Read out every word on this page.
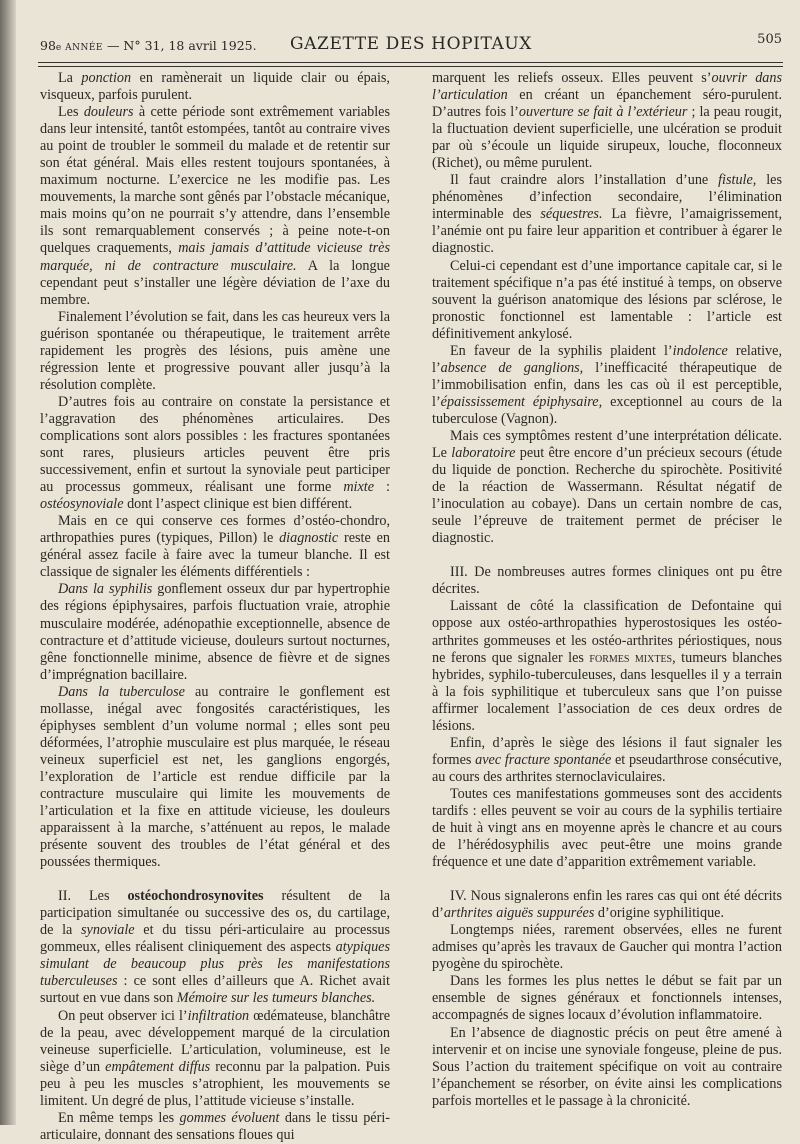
98e ANNÉE — N° 31, 18 avril 1925.	GAZETTE DES HOPITAUX	505

La ponction en ramènerait un liquide clair ou épais, visqueux, parfois purulent.

Les douleurs à cette période sont extrêmement variables dans leur intensité, tantôt estompées, tantôt au contraire vives au point de troubler le sommeil du malade et de retentir sur son état général. Mais elles restent toujours spontanées, à maximum nocturne. L’exercice ne les modifie pas. Les mouvements, la marche sont gênés par l’obstacle mécanique, mais moins qu’on ne pourrait s’y attendre, dans l’ensemble ils sont remarquablement conservés ; à peine note-t-on quelques craquements, mais jamais d’attitude vicieuse très marquée, ni de contracture musculaire. A la longue cependant peut s’installer une légère déviation de l’axe du membre.

Finalement l’évolution se fait, dans les cas heureux vers la guérison spontanée ou thérapeutique, le traitement arrête rapidement les progrès des lésions, puis amène une régression lente et progressive pouvant aller jusqu’à la résolution complète.

D’autres fois au contraire on constate la persistance et l’aggravation des phénomènes articulaires. Des complications sont alors possibles : les fractures spontanées sont rares, plusieurs articles peuvent être pris successivement, enfin et surtout la synoviale peut participer au processus gommeux, réalisant une forme mixte : ostéosynoviale dont l’aspect clinique est bien différent.

Mais en ce qui conserve ces formes d’ostéo-chondro, arthropathies pures (typiques, Pillon) le diagnostic reste en général assez facile à faire avec la tumeur blanche. Il est classique de signaler les éléments différentiels :

Dans la syphilis gonflement osseux dur par hypertrophie des régions épiphysaires, parfois fluctuation vraie, atrophie musculaire modérée, adénopathie exceptionnelle, absence de contracture et d’attitude vicieuse, douleurs surtout nocturnes, gêne fonctionnelle minime, absence de fièvre et de signes d’imprégnation bacillaire.

Dans la tuberculose au contraire le gonflement est mollasse, inégal avec fongosités caractéristiques, les épiphyses semblent d’un volume normal ; elles sont peu déformées, l’atrophie musculaire est plus marquée, le réseau veineux superficiel est net, les ganglions engorgés, l’exploration de l’article est rendue difficile par la contracture musculaire qui limite les mouvements de l’articulation et la fixe en attitude vicieuse, les douleurs apparaissent à la marche, s’atténuent au repos, le malade présente souvent des troubles de l’état général et des poussées thermiques.

II. Les ostéochondrosynovites résultent de la participation simultanée ou successive des os, du cartilage, de la synoviale et du tissu péri-articulaire au processus gommeux, elles réalisent cliniquement des aspects atypiques simulant de beaucoup plus près les manifestations tuberculeuses : ce sont elles d’ailleurs que A. Richet avait surtout en vue dans son Mémoire sur les tumeurs blanches.

On peut observer ici l’infiltration œdémateuse, blanchâtre de la peau, avec développement marqué de la circulation veineuse superficielle. L’articulation, volumineuse, est le siège d’un empâtement diffus reconnu par la palpation. Puis peu à peu les muscles s’atrophient, les mouvements se limitent. Un degré de plus, l’attitude vicieuse s’installe.

En même temps les gommes évoluent dans le tissu péri-articulaire, donnant des sensations floues qui

marquent les reliefs osseux. Elles peuvent s’ouvrir dans l’articulation en créant un épanchement séro-purulent. D’autres fois l’ouverture se fait à l’extérieur ; la peau rougit, la fluctuation devient superficielle, une ulcération se produit par où s’écoule un liquide sirupeux, louche, floconneux (Richet), ou même purulent.

Il faut craindre alors l’installation d’une fistule, les phénomènes d’infection secondaire, l’élimination interminable des séquestres. La fièvre, l’amaigrissement, l’anémie ont pu faire leur apparition et contribuer à égarer le diagnostic.

Celui-ci cependant est d’une importance capitale car, si le traitement spécifique n’a pas été institué à temps, on observe souvent la guérison anatomique des lésions par sclérose, le pronostic fonctionnel est lamentable : l’article est définitivement ankylosé.

En faveur de la syphilis plaident l’indolence relative, l’absence de ganglions, l’inefficacité thérapeutique de l’immobilisation enfin, dans les cas où il est perceptible, l’épaississement épiphysaire, exceptionnel au cours de la tuberculose (Vagnon).

Mais ces symptômes restent d’une interprétation délicate. Le laboratoire peut être encore d’un précieux secours (étude du liquide de ponction. Recherche du spirochète. Positivité de la réaction de Wassermann. Résultat négatif de l’inoculation au cobaye). Dans un certain nombre de cas, seule l’épreuve de traitement permet de préciser le diagnostic.

III. De nombreuses autres formes cliniques ont pu être décrites.

Laissant de côté la classification de Defontaine qui oppose aux ostéo-arthropathies hyperostosiques les ostéo-arthrites gommeuses et les ostéo-arthrites périostiques, nous ne ferons que signaler les formes mixtes, tumeurs blanches hybrides, syphilo-tuberculeuses, dans lesquelles il y a terrain à la fois syphilitique et tuberculeux sans que l’on puisse affirmer localement l’association de ces deux ordres de lésions.

Enfin, d’après le siège des lésions il faut signaler les formes avec fracture spontanée et pseudarthrose consécutive, au cours des arthrites sternoclaviculaires.

Toutes ces manifestations gommeuses sont des accidents tardifs : elles peuvent se voir au cours de la syphilis tertiaire de huit à vingt ans en moyenne après le chancre et au cours de l’hérédosyphilis avec peut-être une moins grande fréquence et une date d’apparition extrêmement variable.

IV. Nous signalerons enfin les rares cas qui ont été décrits d’arthrites aiguës suppurées d’origine syphilitique.

Longtemps niées, rarement observées, elles ne furent admises qu’après les travaux de Gaucher qui montra l’action pyogène du spirochète.

Dans les formes les plus nettes le début se fait par un ensemble de signes généraux et fonctionnels intenses, accompagnés de signes locaux d’évolution inflammatoire.

En l’absence de diagnostic précis on peut être amené à intervenir et on incise une synoviale fongeuse, pleine de pus. Sous l’action du traitement spécifique on voit au contraire l’épanchement se résorber, on évite ainsi les complications parfois mortelles et le passage à la chronicité.
